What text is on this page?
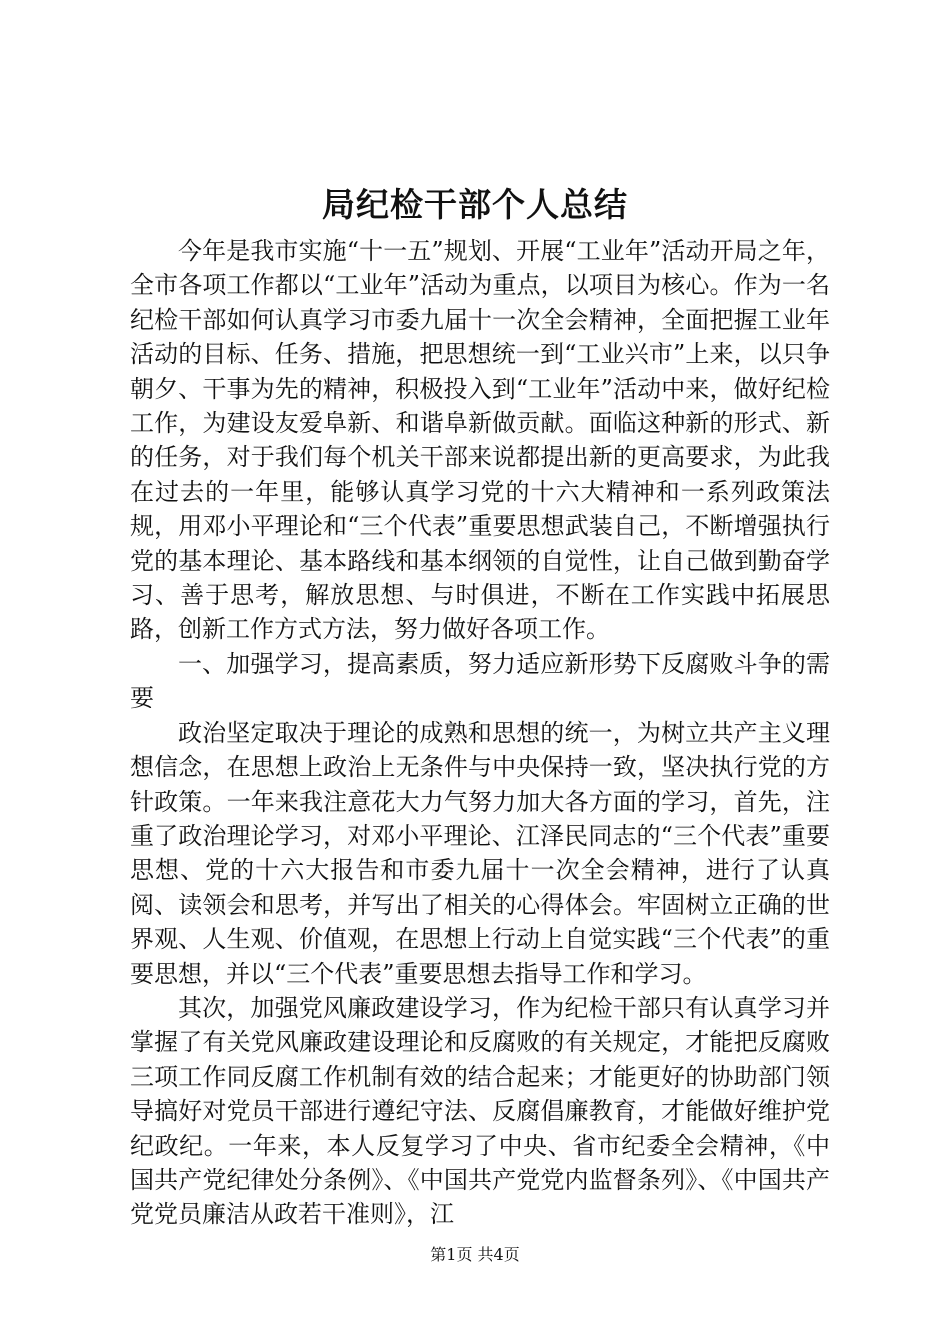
局纪检干部个人总结

今年是我市实施“十一五”规划、开展“工业年”活动开局之年，全市各项工作都以“工业年”活动为重点，以项目为核心。作为一名纪检干部如何认真学习市委九届十一次全会精神，全面把握工业年活动的目标、任务、措施，把思想统一到“工业兴市”上来，以只争朝夕、干事为先的精神，积极投入到“工业年”活动中来，做好纪检工作，为建设友爱阜新、和谐阜新做贡献。面临这种新的形式、新的任务，对于我们每个机关干部来说都提出新的更高要求，为此我在过去的一年里，能够认真学习党的十六大精神和一系列政策法规，用邓小平理论和“三个代表”重要思想武装自己，不断增强执行党的基本理论、基本路线和基本纲领的自觉性，让自己做到勤奋学习、善于思考，解放思想、与时俱进，不断在工作实践中拓展思路，创新工作方式方法，努力做好各项工作。

一、加强学习，提高素质，努力适应新形势下反腐败斗争的需要

政治坚定取决于理论的成熟和思想的统一，为树立共产主义理想信念，在思想上政治上无条件与中央保持一致，坚决执行党的方针政策。一年来我注意花大力气努力加大各方面的学习，首先，注重了政治理论学习，对邓小平理论、江泽民同志的“三个代表”重要思想、党的十六大报告和市委九届十一次全会精神，进行了认真阅、读领会和思考，并写出了相关的心得体会。牢固树立正确的世界观、人生观、价值观，在思想上行动上自觉实践“三个代表”的重要思想，并以“三个代表”重要思想去指导工作和学习。

其次，加强党风廉政建设学习，作为纪检干部只有认真学习并掌握了有关党风廉政建设理论和反腐败的有关规定，才能把反腐败三项工作同反腐工作机制有效的结合起来；才能更好的协助部门领导搞好对党员干部进行遵纪守法、反腐倡廉教育，才能做好维护党纪政纪。一年来，本人反复学习了中央、省市纪委全会精神，《中国共产党纪律处分条例》、《中国共产党党内监督条列》、《中国共产党党员廉洁从政若干准则》，江

第1页 共4页
